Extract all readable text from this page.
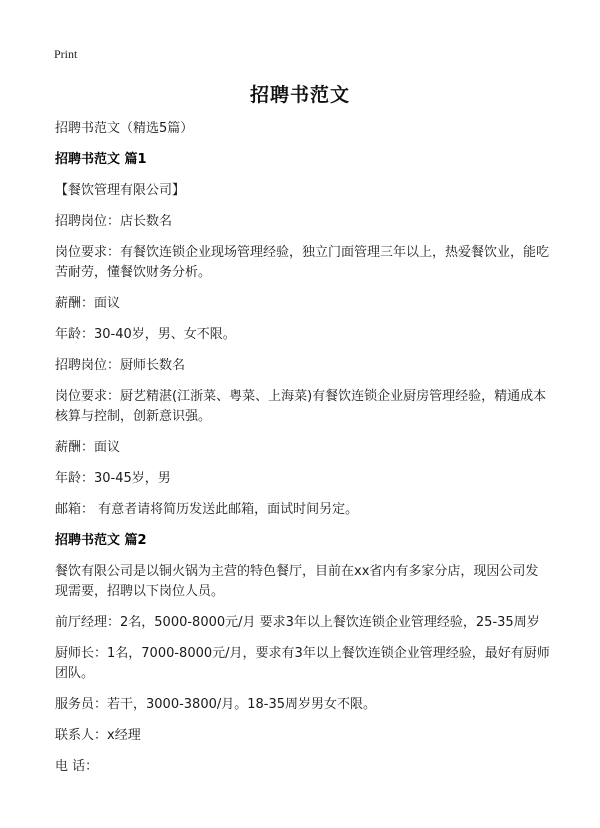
Print
招聘书范文
招聘书范文（精选5篇）
招聘书范文 篇1
【餐饮管理有限公司】
招聘岗位：店长数名
岗位要求：有餐饮连锁企业现场管理经验，独立门面管理三年以上，热爱餐饮业，能吃苦耐劳，懂餐饮财务分析。
薪酬：面议
年龄：30-40岁，男、女不限。
招聘岗位：厨师长数名
岗位要求：厨艺精湛(江浙菜、粤菜、上海菜)有餐饮连锁企业厨房管理经验，精通成本核算与控制，创新意识强。
薪酬：面议
年龄：30-45岁，男
邮箱： 有意者请将简历发送此邮箱，面试时间另定。
招聘书范文 篇2
餐饮有限公司是以铜火锅为主营的特色餐厅，目前在xx省内有多家分店，现因公司发现需要，招聘以下岗位人员。
前厅经理：2名，5000-8000元/月 要求3年以上餐饮连锁企业管理经验，25-35周岁
厨师长：1名，7000-8000元/月，要求有3年以上餐饮连锁企业管理经验，最好有厨师团队。
服务员：若干，3000-3800/月。18-35周岁男女不限。
联系人：x经理
电 话：
